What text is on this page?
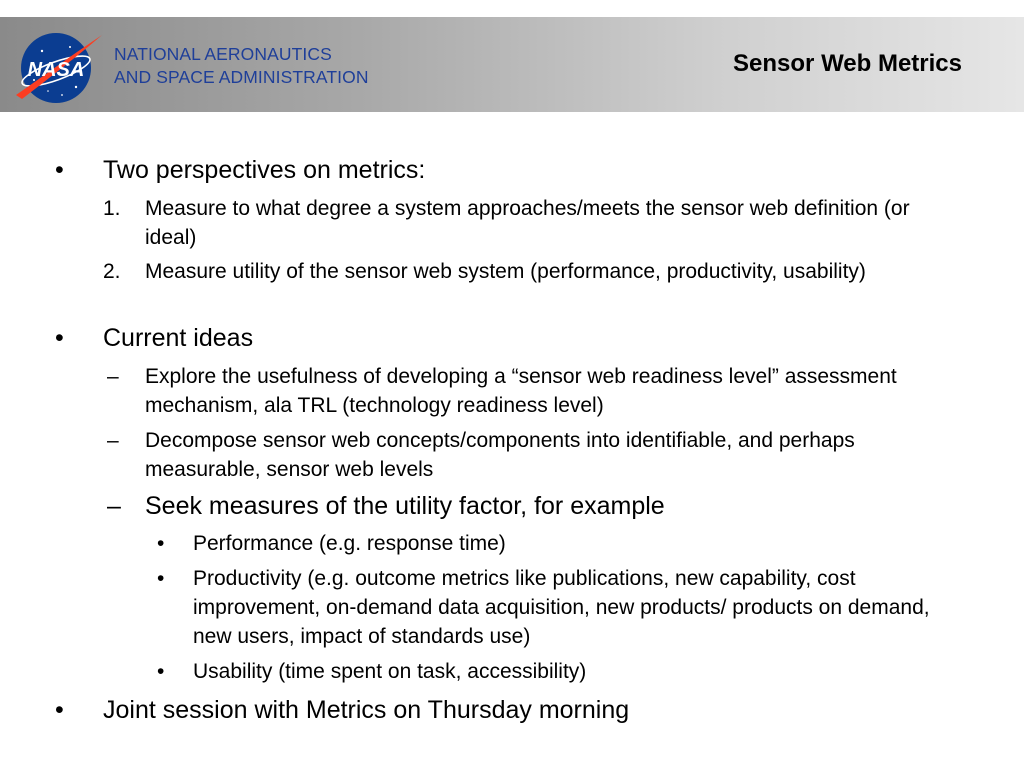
NASA
NATIONAL AERONAUTICS
AND SPACE ADMINISTRATION	Sensor Web Metrics
• Two perspectives on metrics:
1. Measure to what degree a system approaches/meets the sensor web definition (or ideal)
2. Measure utility of the sensor web system (performance, productivity, usability)
• Current ideas
– Explore the usefulness of developing a “sensor web readiness level” assessment mechanism, ala TRL (technology readiness level)
– Decompose sensor web concepts/components into identifiable, and perhaps measurable, sensor web levels
– Seek measures of the utility factor, for example
• Performance (e.g. response time)
• Productivity (e.g. outcome metrics like publications, new capability, cost improvement, on-demand data acquisition, new products/ products on demand, new users, impact of standards use)
• Usability (time spent on task, accessibility)
• Joint session with Metrics on Thursday morning
